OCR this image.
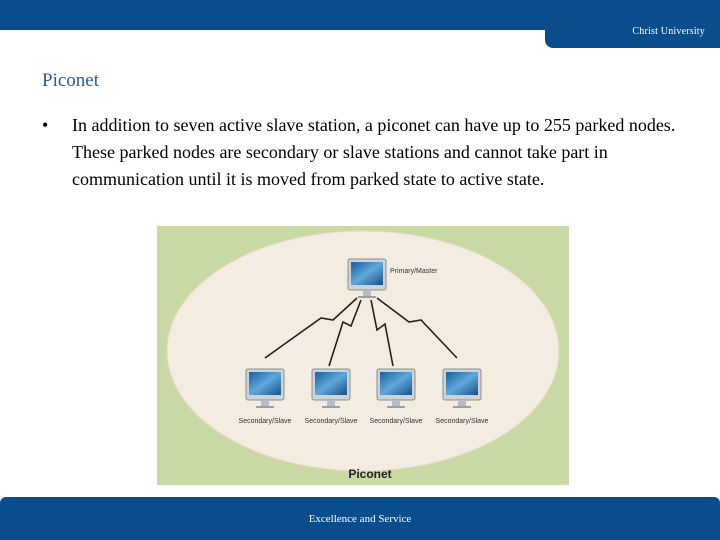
Christ University
Piconet
•	In addition to seven active slave station, a piconet can have up to 255 parked nodes. These parked nodes are secondary or slave stations and cannot take part in communication until it is moved from parked state to active state.
Primary/Master
Secondary/Slave Secondary/Slave Secondary/Slave Secondary/Slave
Piconet
Excellence and Service
